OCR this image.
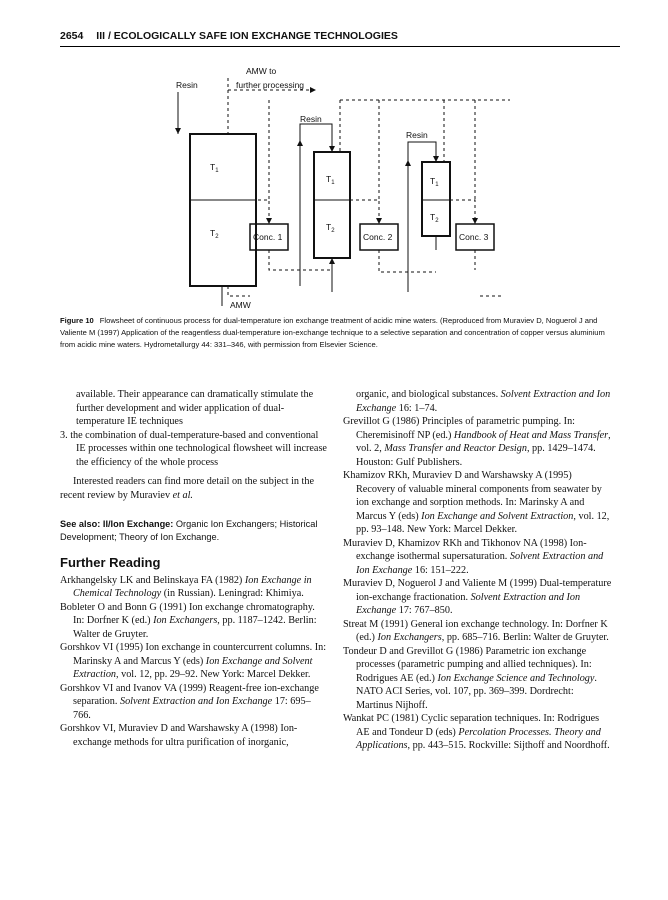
2654 III / ECOLOGICALLY SAFE ION EXCHANGE TECHNOLOGIES
Resin
AMW to
further processing
Resin
Resin
$T_1$
$T_2$
$T_1$
$T_2$
$T_1$
$T_2$
Conc. 1	Conc. 2	Conc. 3
AMW
Figure 10 Flowsheet of continuous process for dual-temperature ion exchange treatment of acidic mine waters. (Reproduced from Muraviev D, Noguerol J and Valiente M (1997) Application of the reagentless dual-temperature ion-exchange technique to a selective separation and concentration of copper versus aluminium from acidic mine waters. Hydrometallurgy 44: 331–346, with permission from Elsevier Science.
available. Their appearance can dramatically stimulate the further development and wider application of dual-temperature IE techniques
3. the combination of dual-temperature-based and conventional IE processes within one technological flowsheet will increase the efficiency of the whole process

Interested readers can find more detail on the subject in the recent review by Muraviev et al.

See also: II/Ion Exchange: Organic Ion Exchangers; Historical Development; Theory of Ion Exchange.
Further Reading

Arkhangelsky LK and Belinskaya FA (1982) Ion Exchange in Chemical Technology (in Russian). Leningrad: Khimiya.

Bobleter O and Bonn G (1991) Ion exchange chromatography. In: Dorfner K (ed.) Ion Exchangers, pp. 1187–1242. Berlin: Walter de Gruyter.

Gorshkov VI (1995) Ion exchange in countercurrent columns. In: Marinsky A and Marcus Y (eds) Ion Exchange and Solvent Extraction, vol. 12, pp. 29–92. New York: Marcel Dekker.

Gorshkov VI and Ivanov VA (1999) Reagent-free ion-exchange separation. Solvent Extraction and Ion Exchange 17: 695–766.

Gorshkov VI, Muraviev D and Warshawsky A (1998) Ion-exchange methods for ultra purification of inorganic,

organic, and biological substances. Solvent Extraction and Ion Exchange 16: 1–74.

Grevillot G (1986) Principles of parametric pumping. In: Cheremisinoff NP (ed.) Handbook of Heat and Mass Transfer, vol. 2, Mass Transfer and Reactor Design, pp. 1429–1474. Houston: Gulf Publishers.

Khamizov RKh, Muraviev D and Warshawsky A (1995) Recovery of valuable mineral components from seawater by ion exchange and sorption methods. In: Marinsky A and Marcus Y (eds) Ion Exchange and Solvent Extraction, vol. 12, pp. 93–148. New York: Marcel Dekker.

Muraviev D, Khamizov RKh and Tikhonov NA (1998) Ion-exchange isothermal supersaturation. Solvent Extraction and Ion Exchange 16: 151–222.

Muraviev D, Noguerol J and Valiente M (1999) Dual-temperature ion-exchange fractionation. Solvent Extraction and Ion Exchange 17: 767–850.

Streat M (1991) General ion exchange technology. In: Dorfner K (ed.) Ion Exchangers, pp. 685–716. Berlin: Walter de Gruyter.

Tondeur D and Grevillot G (1986) Parametric ion exchange processes (parametric pumping and allied techniques). In: Rodrigues AE (ed.) Ion Exchange Science and Technology. NATO ACI Series, vol. 107, pp. 369–399. Dordrecht: Martinus Nijhoff.

Wankat PC (1981) Cyclic separation techniques. In: Rodrigues AE and Tondeur D (eds) Percolation Processes. Theory and Applications, pp. 443–515. Rockville: Sijthoff and Noordhoff.
